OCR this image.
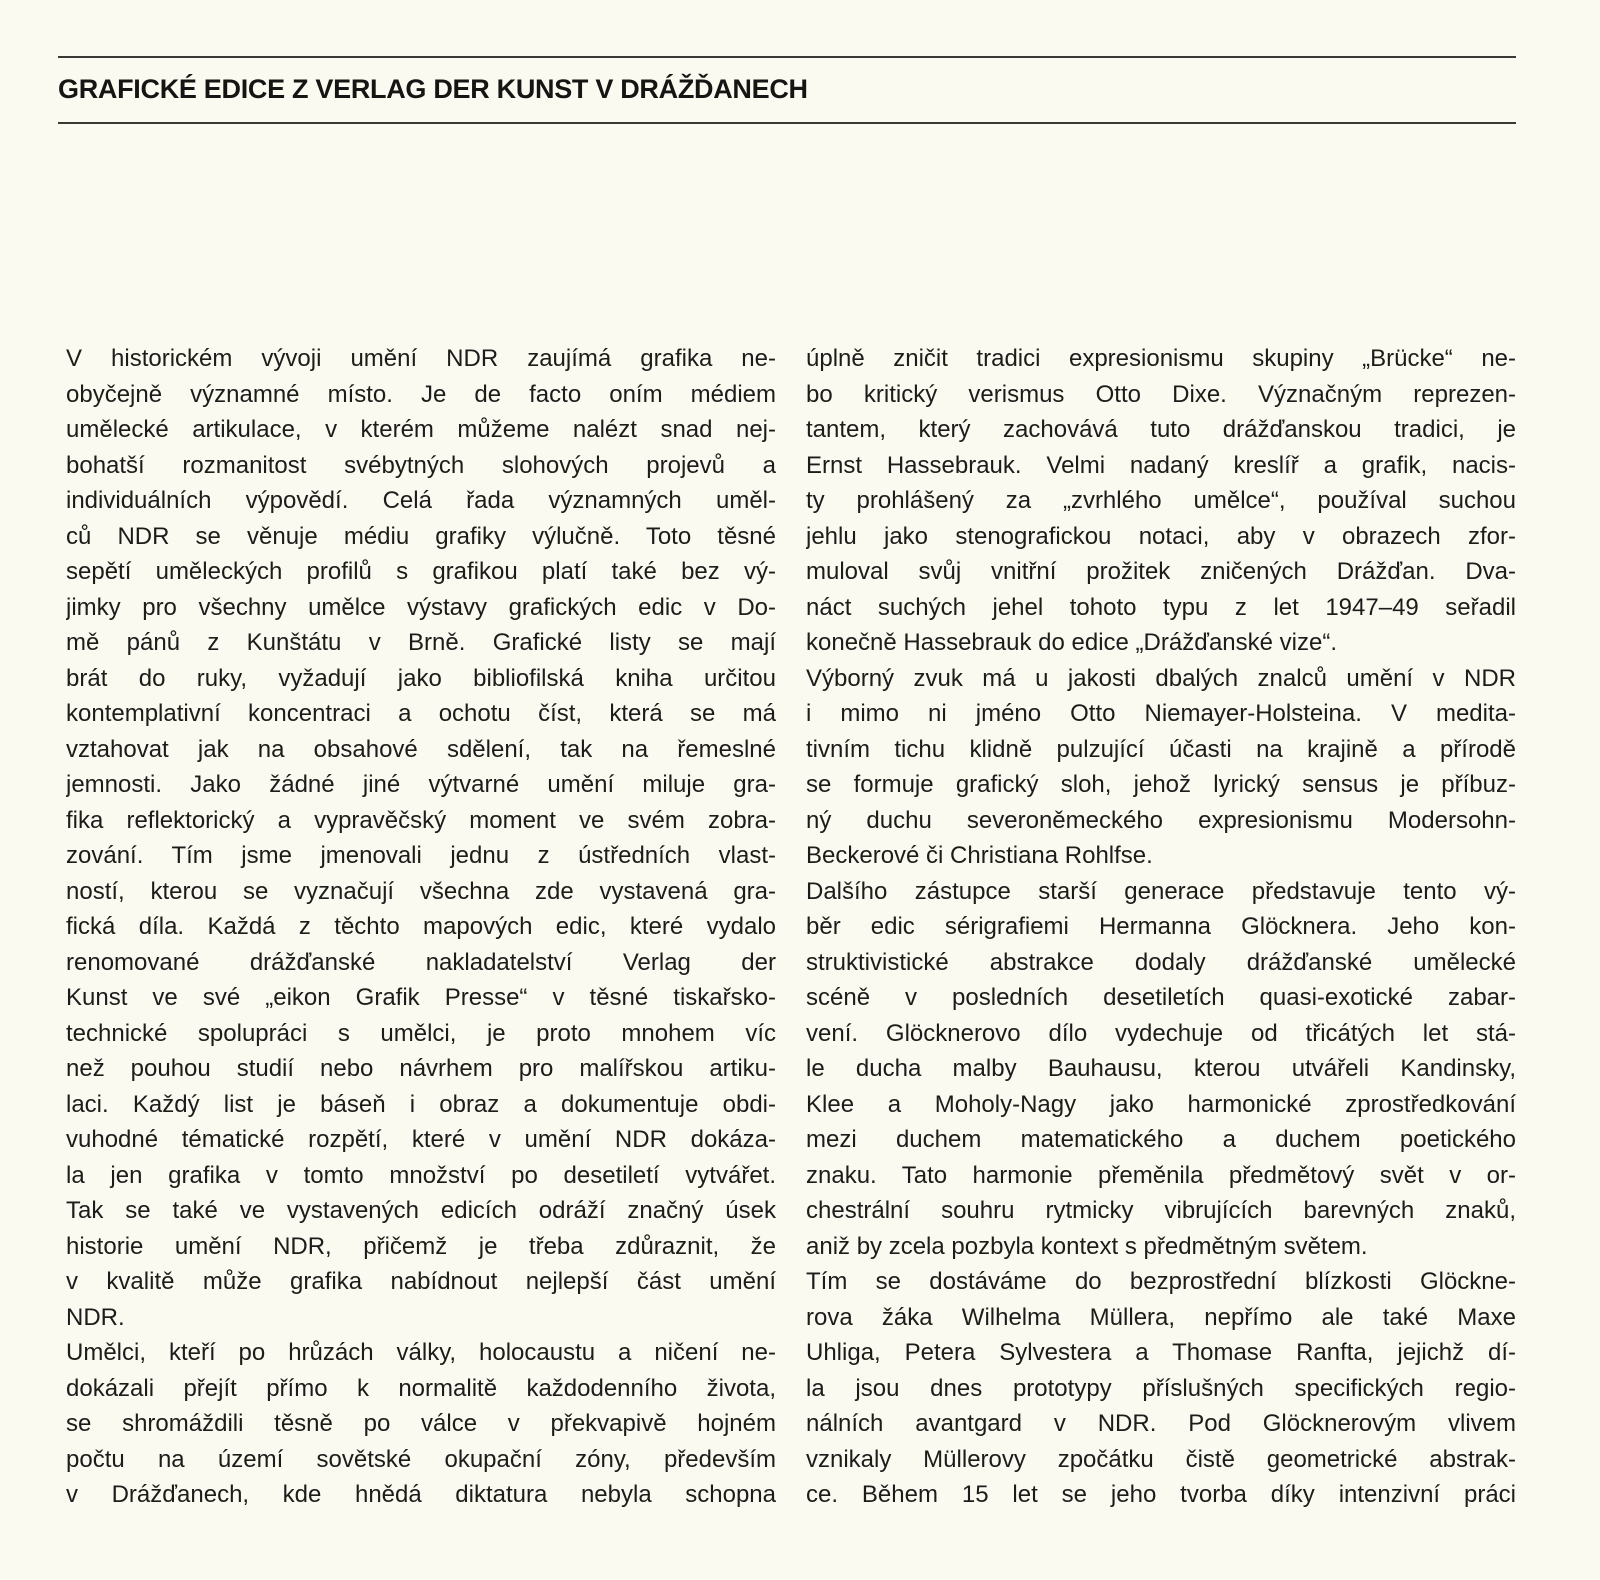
GRAFICKÉ EDICE Z VERLAG DER KUNST V DRÁŽĎANECH
V historickém vývoji umění NDR zaujímá grafika ne-
obyčejně významné místo. Je de facto oním médiem
umělecké artikulace, v kterém můžeme nalézt snad nej-
bohatší rozmanitost svébytných slohových projevů a
individuálních výpovědí. Celá řada významných uměl-
ců NDR se věnuje médiu grafiky výlučně. Toto těsné
sepětí uměleckých profilů s grafikou platí také bez vý-
jimky pro všechny umělce výstavy grafických edic v Do-
mě pánů z Kunštátu v Brně. Grafické listy se mají
brát do ruky, vyžadují jako bibliofilská kniha určitou
kontemplativní koncentraci a ochotu číst, která se má
vztahovat jak na obsahové sdělení, tak na řemeslné
jemnosti. Jako žádné jiné výtvarné umění miluje gra-
fika reflektorický a vypravěčský moment ve svém zobra-
zování. Tím jsme jmenovali jednu z ústředních vlast-
ností, kterou se vyznačují všechna zde vystavená gra-
fická díla. Každá z těchto mapových edic, které vydalo
renomované drážďanské nakladatelství Verlag der
Kunst ve své „eikon Grafik Presse“ v těsné tiskařsko-
technické spolupráci s umělci, je proto mnohem víc
než pouhou studií nebo návrhem pro malířskou artiku-
laci. Každý list je báseň i obraz a dokumentuje obdi-
vuhodné tématické rozpětí, které v umění NDR dokáza-
la jen grafika v tomto množství po desetiletí vytvářet.
Tak se také ve vystavených edicích odráží značný úsek
historie umění NDR, přičemž je třeba zdůraznit, že
v kvalitě může grafika nabídnout nejlepší část umění
NDR.
Umělci, kteří po hrůzách války, holocaustu a ničení ne-
dokázali přejít přímo k normalitě každodenního života,
se shromáždili těsně po válce v překvapivě hojném
počtu na území sovětské okupační zóny, především
v Drážďanech, kde hnědá diktatura nebyla schopna
úplně zničit tradici expresionismu skupiny „Brücke“ ne-
bo kritický verismus Otto Dixe. Význačným reprezen-
tantem, který zachovává tuto drážďanskou tradici, je
Ernst Hassebrauk. Velmi nadaný kreslíř a grafik, nacis-
ty prohlášený za „zvrhlého umělce“, používal suchou
jehlu jako stenografickou notaci, aby v obrazech zfor-
muloval svůj vnitřní prožitek zničených Drážďan. Dva-
náct suchých jehel tohoto typu z let 1947–49 seřadil
konečně Hassebrauk do edice „Drážďanské vize“.
Výborný zvuk má u jakosti dbalých znalců umění v NDR
i mimo ni jméno Otto Niemayer-Holsteina. V medita-
tivním tichu klidně pulzující účasti na krajině a přírodě
se formuje grafický sloh, jehož lyrický sensus je příbuz-
ný duchu severoněmeckého expresionismu Modersohn-
Beckerové či Christiana Rohlfse.
Dalšího zástupce starší generace představuje tento vý-
běr edic sérigrafiemi Hermanna Glöcknera. Jeho kon-
struktivistické abstrakce dodaly drážďanské umělecké
scéně v posledních desetiletích quasi-exotické zabar-
vení. Glöcknerovo dílo vydechuje od třicátých let stá-
le ducha malby Bauhausu, kterou utvářeli Kandinsky,
Klee a Moholy-Nagy jako harmonické zprostředkování
mezi duchem matematického a duchem poetického
znaku. Tato harmonie přeměnila předmětový svět v or-
chestrální souhru rytmicky vibrujících barevných znaků,
aniž by zcela pozbyla kontext s předmětným světem.
Tím se dostáváme do bezprostřední blízkosti Glöckne-
rova žáka Wilhelma Müllera, nepřímo ale také Maxe
Uhliga, Petera Sylvestera a Thomase Ranfta, jejichž dí-
la jsou dnes prototypy příslušných specifických regio-
nálních avantgard v NDR. Pod Glöcknerovým vlivem
vznikaly Müllerovy zpočátku čistě geometrické abstrak-
ce. Během 15 let se jeho tvorba díky intenzivní práci
